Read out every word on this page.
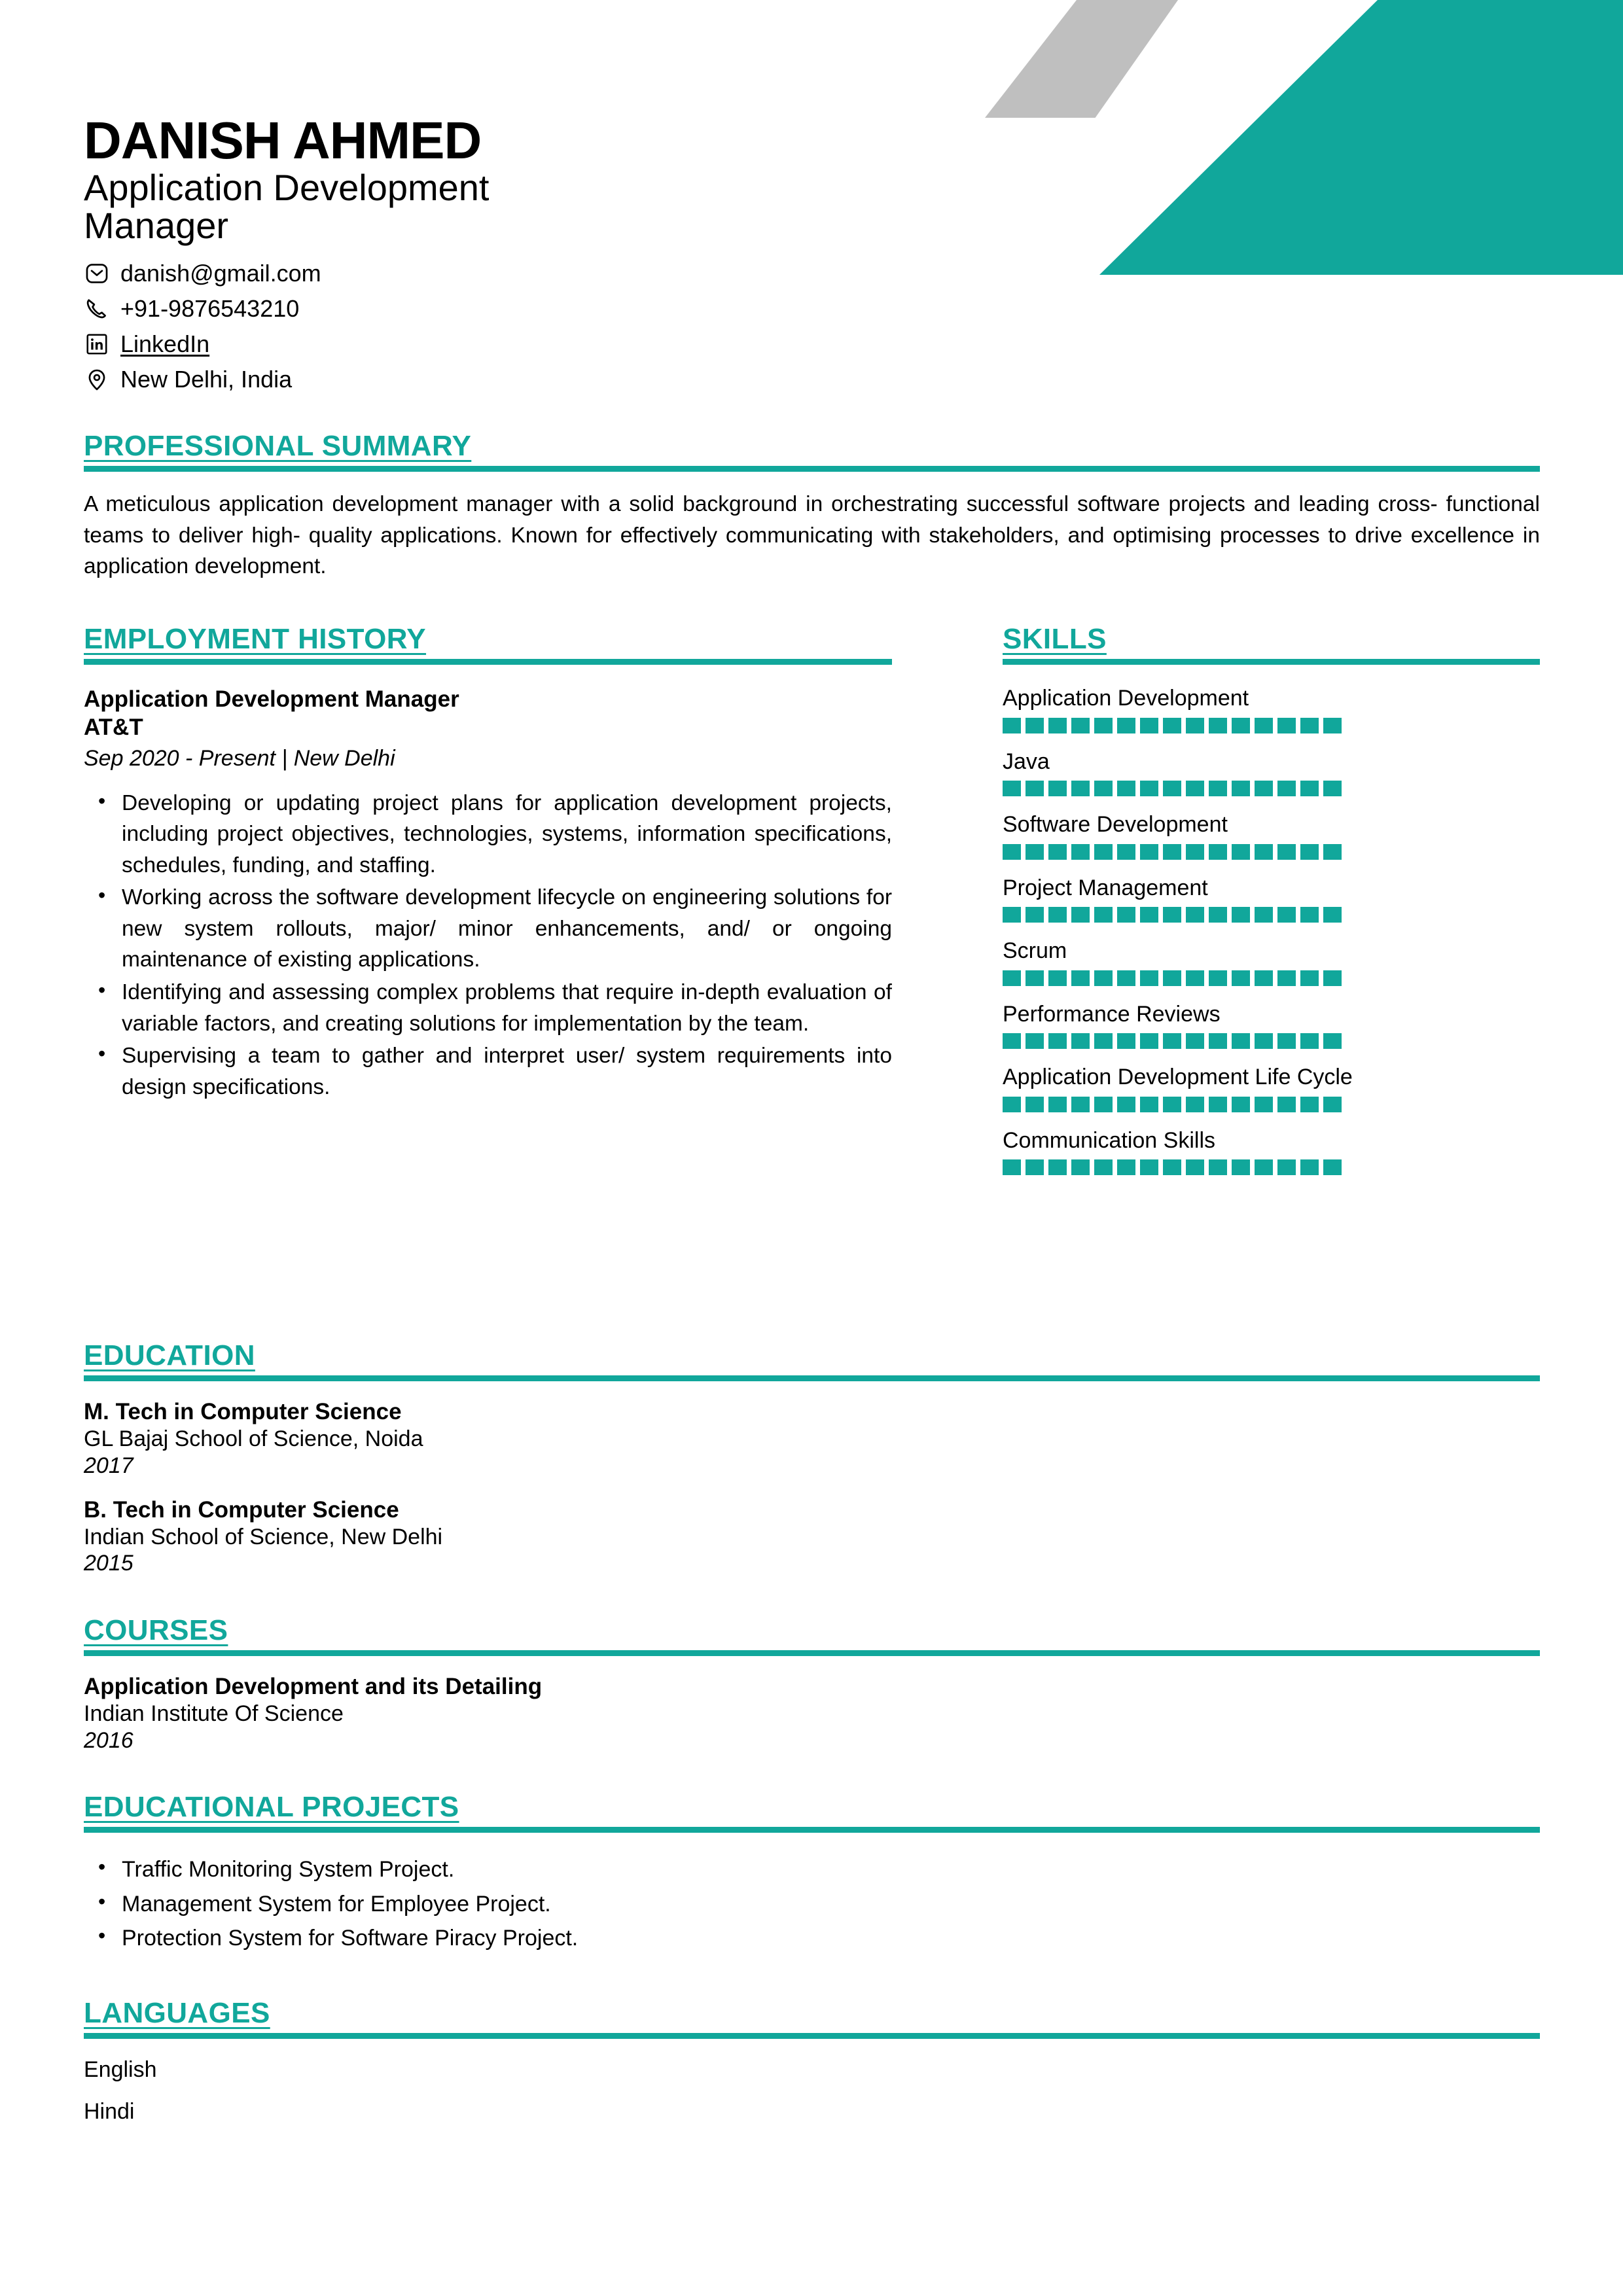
DANISH AHMED
Application Development Manager
danish@gmail.com
+91-9876543210
LinkedIn
New Delhi, India
PROFESSIONAL SUMMARY

A meticulous application development manager with a solid background in orchestrating successful software projects and leading cross- functional teams to deliver high- quality applications. Known for effectively communicating with stakeholders, and optimising processes to drive excellence in application development.

EMPLOYMENT HISTORY
Application Development Manager
AT&T
Sep 2020 - Present | New Delhi
• Developing or updating project plans for application development projects, including project objectives, technologies, systems, information specifications, schedules, funding, and staffing.
• Working across the software development lifecycle on engineering solutions for new system rollouts, major/ minor enhancements, and/ or ongoing maintenance of existing applications.
• Identifying and assessing complex problems that require in-depth evaluation of variable factors, and creating solutions for implementation by the team.
• Supervising a team to gather and interpret user/ system requirements into design specifications.
SKILLS
Application Development
Java
Software Development
Project Management
Scrum
Performance Reviews
Application Development Life Cycle
Communication Skills
EDUCATION
M. Tech in Computer Science
GL Bajaj School of Science, Noida
2017
B. Tech in Computer Science
Indian School of Science, New Delhi
2015
COURSES
Application Development and its Detailing
Indian Institute Of Science
2016
EDUCATIONAL PROJECTS
• Traffic Monitoring System Project.
• Management System for Employee Project.
• Protection System for Software Piracy Project.
LANGUAGES
English
Hindi
